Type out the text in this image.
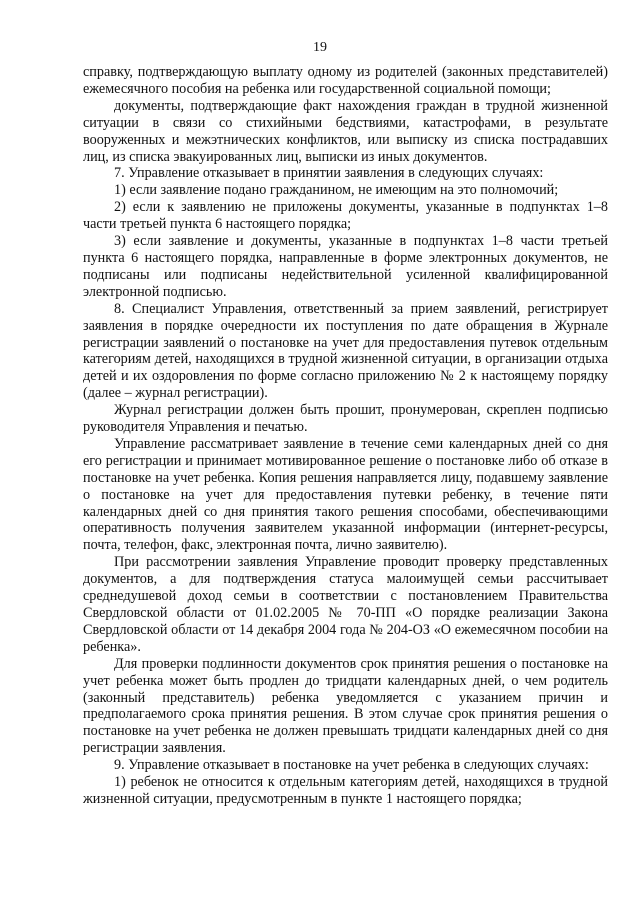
19

справку, подтверждающую выплату одному из родителей (законных представителей) ежемесячного пособия на ребенка или государственной социальной помощи;

документы, подтверждающие факт нахождения граждан в трудной жизненной ситуации в связи со стихийными бедствиями, катастрофами, в результате вооруженных и межэтнических конфликтов, или выписку из списка пострадавших лиц, из списка эвакуированных лиц, выписки из иных документов.

7. Управление отказывает в принятии заявления в следующих случаях:

1) если заявление подано гражданином, не имеющим на это полномочий;

2) если к заявлению не приложены документы, указанные в подпунктах 1–8 части третьей пункта 6 настоящего порядка;

3) если заявление и документы, указанные в подпунктах 1–8 части третьей пункта 6 настоящего порядка, направленные в форме электронных документов, не подписаны или подписаны недействительной усиленной квалифицированной электронной подписью.

8. Специалист Управления, ответственный за прием заявлений, регистрирует заявления в порядке очередности их поступления по дате обращения в Журнале регистрации заявлений о постановке на учет для предоставления путевок отдельным категориям детей, находящихся в трудной жизненной ситуации, в организации отдыха детей и их оздоровления по форме согласно приложению № 2 к настоящему порядку (далее – журнал регистрации).

Журнал регистрации должен быть прошит, пронумерован, скреплен подписью руководителя Управления и печатью.

Управление рассматривает заявление в течение семи календарных дней со дня его регистрации и принимает мотивированное решение о постановке либо об отказе в постановке на учет ребенка. Копия решения направляется лицу, подавшему заявление о постановке на учет для предоставления путевки ребенку, в течение пяти календарных дней со дня принятия такого решения способами, обеспечивающими оперативность получения заявителем указанной информации (интернет-ресурсы, почта, телефон, факс, электронная почта, лично заявителю).

При рассмотрении заявления Управление проводит проверку представленных документов, а для подтверждения статуса малоимущей семьи рассчитывает среднедушевой доход семьи в соответствии с постановлением Правительства Свердловской области от 01.02.2005 № 70-ПП «О порядке реализации Закона Свердловской области от 14 декабря 2004 года № 204-ОЗ «О ежемесячном пособии на ребенка».

Для проверки подлинности документов срок принятия решения о постановке на учет ребенка может быть продлен до тридцати календарных дней, о чем родитель (законный представитель) ребенка уведомляется с указанием причин и предполагаемого срока принятия решения. В этом случае срок принятия решения о постановке на учет ребенка не должен превышать тридцати календарных дней со дня регистрации заявления.

9. Управление отказывает в постановке на учет ребенка в следующих случаях:

1) ребенок не относится к отдельным категориям детей, находящихся в трудной жизненной ситуации, предусмотренным в пункте 1 настоящего порядка;
